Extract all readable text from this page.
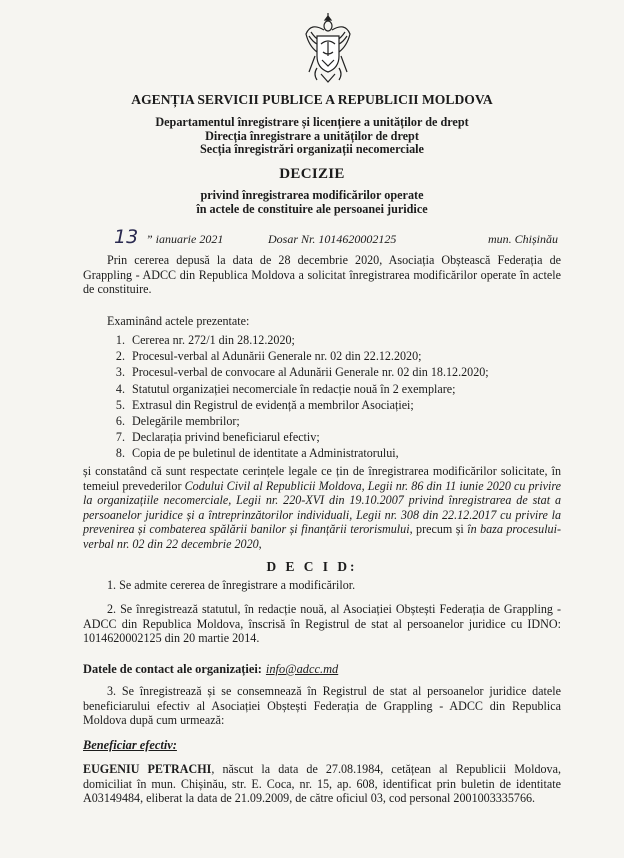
AGENȚIA SERVICII PUBLICE A REPUBLICII MOLDOVA
Departamentul înregistrare și licențiere a unităților de drept
Direcția înregistrare a unităților de drept
Secția înregistrări organizații necomerciale
DECIZIE
privind înregistrarea modificărilor operate
în actele de constituire ale persoanei juridice
13 ” ianuarie 2021	Dosar Nr. 1014620002125	mun. Chișinău
Prin cererea depusă la data de 28 decembrie 2020, Asociația Obștească Federația de Grappling - ADCC din Republica Moldova a solicitat înregistrarea modificărilor operate în actele de constituire.
Examinând actele prezentate:
1. Cererea nr. 272/1 din 28.12.2020;
2. Procesul-verbal al Adunării Generale nr. 02 din 22.12.2020;
3. Procesul-verbal de convocare al Adunării Generale nr. 02 din 18.12.2020;
4. Statutul organizației necomerciale în redacție nouă în 2 exemplare;
5. Extrasul din Registrul de evidență a membrilor Asociației;
6. Delegările membrilor;
7. Declarația privind beneficiarul efectiv;
8. Copia de pe buletinul de identitate a Administratorului,
și constatând că sunt respectate cerințele legale ce țin de înregistrarea modificărilor solicitate, în temeiul prevederilor Codului Civil al Republicii Moldova, Legii nr. 86 din 11 iunie 2020 cu privire la organizațiile necomerciale, Legii nr. 220-XVI din 19.10.2007 privind înregistrarea de stat a persoanelor juridice și a întreprinzătorilor individuali, Legii nr. 308 din 22.12.2017 cu privire la prevenirea și combaterea spălării banilor și finanțării terorismului, precum și în baza procesului-verbal nr. 02 din 22 decembrie 2020,
D E C I D:
1. Se admite cererea de înregistrare a modificărilor.
2. Se înregistrează statutul, în redacție nouă, al Asociației Obștești Federația de Grappling - ADCC din Republica Moldova, înscrisă în Registrul de stat al persoanelor juridice cu IDNO: 1014620002125 din 20 martie 2014.
Datele de contact ale organizației: info@adcc.md
3. Se înregistrează și se consemnează în Registrul de stat al persoanelor juridice datele beneficiarului efectiv al Asociației Obștești Federația de Grappling - ADCC din Republica Moldova după cum urmează:
Beneficiar efectiv:
EUGENIU PETRACHI, născut la data de 27.08.1984, cetățean al Republicii Moldova, domiciliat în mun. Chișinău, str. E. Coca, nr. 15, ap. 608, identificat prin buletin de identitate A03149484, eliberat la data de 21.09.2009, de către oficiul 03, cod personal 2001003335766.
